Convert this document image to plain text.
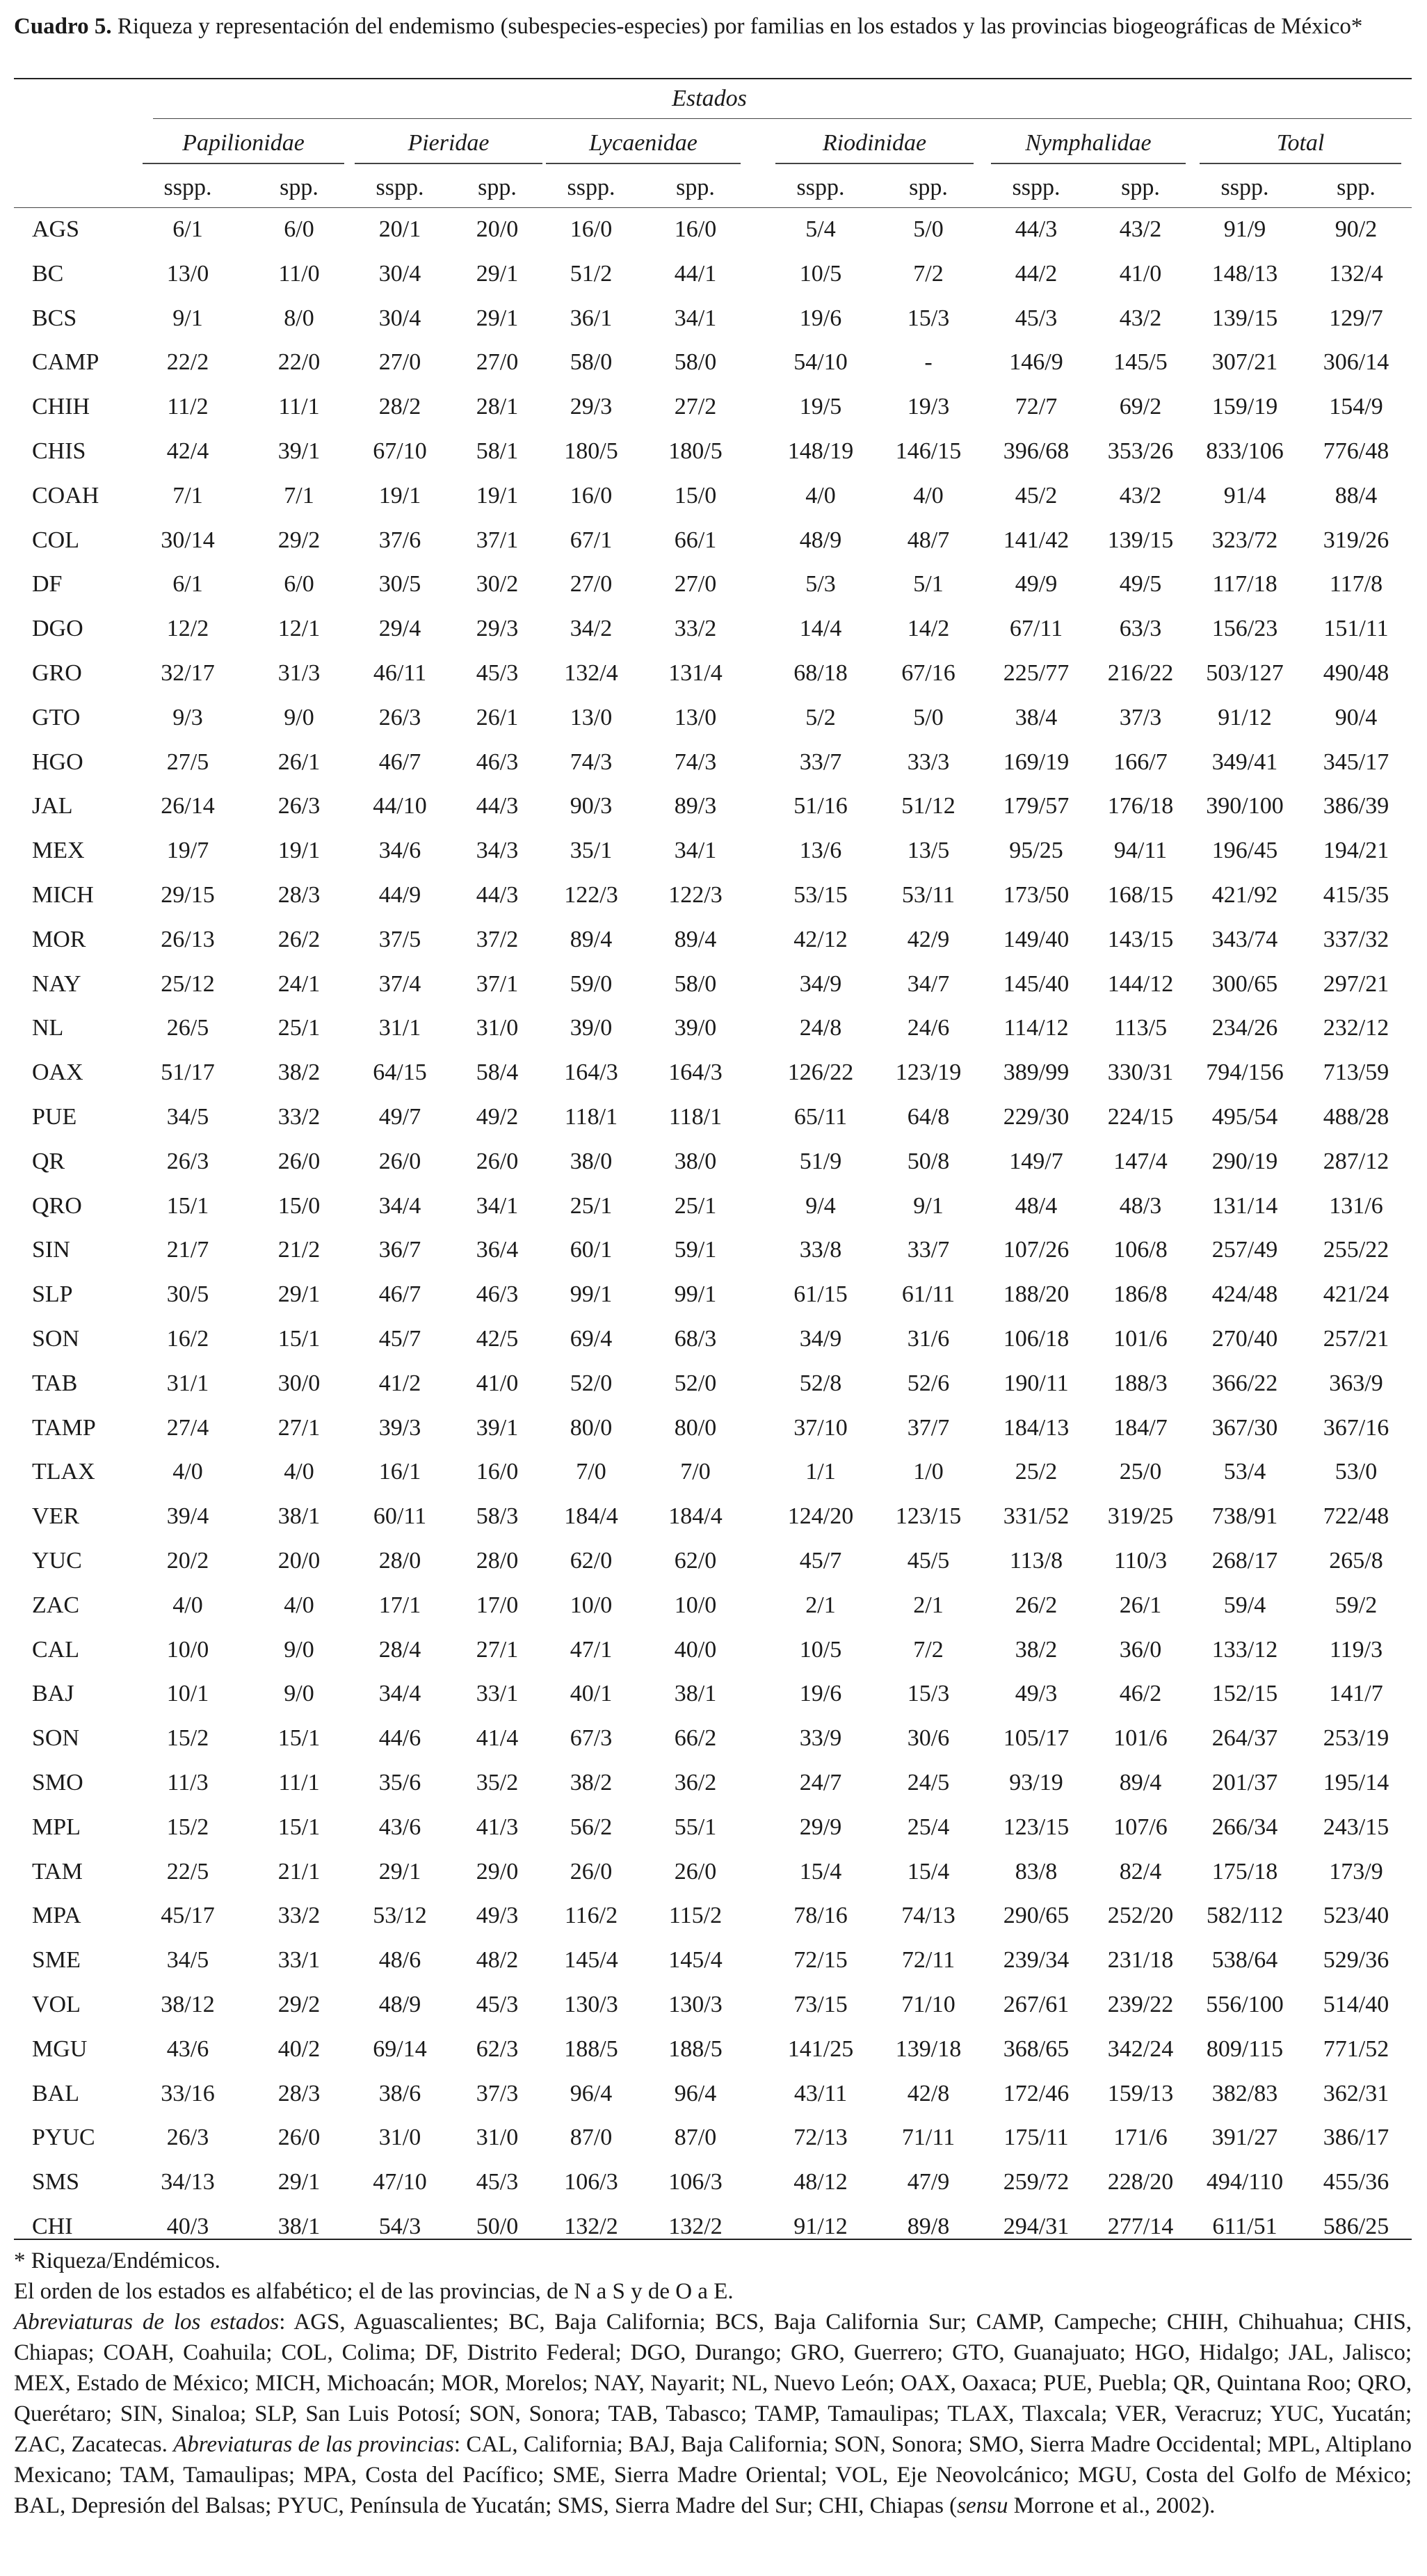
Cuadro 5. Riqueza y representación del endemismo (subespecies-especies) por familias en los estados y las provincias biogeográficas de México*
Estados
Papilionidae	Pieridae	Lycaenidae	Riodinidae	Nymphalidae	Total
sspp.	spp.	sspp.	spp.	sspp.	spp.	sspp.	spp.	sspp.	spp.	sspp.	spp.
AGS	6/1	6/0	20/1	20/0	16/0	16/0	5/4	5/0	44/3	43/2	91/9	90/2
BC	13/0	11/0	30/4	29/1	51/2	44/1	10/5	7/2	44/2	41/0	148/13	132/4
BCS	9/1	8/0	30/4	29/1	36/1	34/1	19/6	15/3	45/3	43/2	139/15	129/7
CAMP	22/2	22/0	27/0	27/0	58/0	58/0	54/10	-	146/9	145/5	307/21	306/14
CHIH	11/2	11/1	28/2	28/1	29/3	27/2	19/5	19/3	72/7	69/2	159/19	154/9
CHIS	42/4	39/1	67/10	58/1	180/5	180/5	148/19	146/15	396/68	353/26	833/106	776/48
COAH	7/1	7/1	19/1	19/1	16/0	15/0	4/0	4/0	45/2	43/2	91/4	88/4
COL	30/14	29/2	37/6	37/1	67/1	66/1	48/9	48/7	141/42	139/15	323/72	319/26
DF	6/1	6/0	30/5	30/2	27/0	27/0	5/3	5/1	49/9	49/5	117/18	117/8
DGO	12/2	12/1	29/4	29/3	34/2	33/2	14/4	14/2	67/11	63/3	156/23	151/11
GRO	32/17	31/3	46/11	45/3	132/4	131/4	68/18	67/16	225/77	216/22	503/127	490/48
GTO	9/3	9/0	26/3	26/1	13/0	13/0	5/2	5/0	38/4	37/3	91/12	90/4
HGO	27/5	26/1	46/7	46/3	74/3	74/3	33/7	33/3	169/19	166/7	349/41	345/17
JAL	26/14	26/3	44/10	44/3	90/3	89/3	51/16	51/12	179/57	176/18	390/100	386/39
MEX	19/7	19/1	34/6	34/3	35/1	34/1	13/6	13/5	95/25	94/11	196/45	194/21
MICH	29/15	28/3	44/9	44/3	122/3	122/3	53/15	53/11	173/50	168/15	421/92	415/35
MOR	26/13	26/2	37/5	37/2	89/4	89/4	42/12	42/9	149/40	143/15	343/74	337/32
NAY	25/12	24/1	37/4	37/1	59/0	58/0	34/9	34/7	145/40	144/12	300/65	297/21
NL	26/5	25/1	31/1	31/0	39/0	39/0	24/8	24/6	114/12	113/5	234/26	232/12
OAX	51/17	38/2	64/15	58/4	164/3	164/3	126/22	123/19	389/99	330/31	794/156	713/59
PUE	34/5	33/2	49/7	49/2	118/1	118/1	65/11	64/8	229/30	224/15	495/54	488/28
QR	26/3	26/0	26/0	26/0	38/0	38/0	51/9	50/8	149/7	147/4	290/19	287/12
QRO	15/1	15/0	34/4	34/1	25/1	25/1	9/4	9/1	48/4	48/3	131/14	131/6
SIN	21/7	21/2	36/7	36/4	60/1	59/1	33/8	33/7	107/26	106/8	257/49	255/22
SLP	30/5	29/1	46/7	46/3	99/1	99/1	61/15	61/11	188/20	186/8	424/48	421/24
SON	16/2	15/1	45/7	42/5	69/4	68/3	34/9	31/6	106/18	101/6	270/40	257/21
TAB	31/1	30/0	41/2	41/0	52/0	52/0	52/8	52/6	190/11	188/3	366/22	363/9
TAMP	27/4	27/1	39/3	39/1	80/0	80/0	37/10	37/7	184/13	184/7	367/30	367/16
TLAX	4/0	4/0	16/1	16/0	7/0	7/0	1/1	1/0	25/2	25/0	53/4	53/0
VER	39/4	38/1	60/11	58/3	184/4	184/4	124/20	123/15	331/52	319/25	738/91	722/48
YUC	20/2	20/0	28/0	28/0	62/0	62/0	45/7	45/5	113/8	110/3	268/17	265/8
ZAC	4/0	4/0	17/1	17/0	10/0	10/0	2/1	2/1	26/2	26/1	59/4	59/2
CAL	10/0	9/0	28/4	27/1	47/1	40/0	10/5	7/2	38/2	36/0	133/12	119/3
BAJ	10/1	9/0	34/4	33/1	40/1	38/1	19/6	15/3	49/3	46/2	152/15	141/7
SON	15/2	15/1	44/6	41/4	67/3	66/2	33/9	30/6	105/17	101/6	264/37	253/19
SMO	11/3	11/1	35/6	35/2	38/2	36/2	24/7	24/5	93/19	89/4	201/37	195/14
MPL	15/2	15/1	43/6	41/3	56/2	55/1	29/9	25/4	123/15	107/6	266/34	243/15
TAM	22/5	21/1	29/1	29/0	26/0	26/0	15/4	15/4	83/8	82/4	175/18	173/9
MPA	45/17	33/2	53/12	49/3	116/2	115/2	78/16	74/13	290/65	252/20	582/112	523/40
SME	34/5	33/1	48/6	48/2	145/4	145/4	72/15	72/11	239/34	231/18	538/64	529/36
VOL	38/12	29/2	48/9	45/3	130/3	130/3	73/15	71/10	267/61	239/22	556/100	514/40
MGU	43/6	40/2	69/14	62/3	188/5	188/5	141/25	139/18	368/65	342/24	809/115	771/52
BAL	33/16	28/3	38/6	37/3	96/4	96/4	43/11	42/8	172/46	159/13	382/83	362/31
PYUC	26/3	26/0	31/0	31/0	87/0	87/0	72/13	71/11	175/11	171/6	391/27	386/17
SMS	34/13	29/1	47/10	45/3	106/3	106/3	48/12	47/9	259/72	228/20	494/110	455/36
CHI	40/3	38/1	54/3	50/0	132/2	132/2	91/12	89/8	294/31	277/14	611/51	586/25

* Riqueza/Endémicos.

El orden de los estados es alfabético; el de las provincias, de N a S y de O a E.

Abreviaturas de los estados: AGS, Aguascalientes; BC, Baja California; BCS, Baja California Sur; CAMP, Campeche; CHIH, Chihuahua; CHIS, Chiapas; COAH, Coahuila; COL, Colima; DF, Distrito Federal; DGO, Durango; GRO, Guerrero; GTO, Guanajuato; HGO, Hidalgo; JAL, Jalisco; MEX, Estado de México; MICH, Michoacán; MOR, Morelos; NAY, Nayarit; NL, Nuevo León; OAX, Oaxaca; PUE, Puebla; QR, Quintana Roo; QRO, Querétaro; SIN, Sinaloa; SLP, San Luis Potosí; SON, Sonora; TAB, Tabasco; TAMP, Tamaulipas; TLAX, Tlaxcala; VER, Veracruz; YUC, Yucatán; ZAC, Zacatecas. Abreviaturas de las provincias: CAL, California; BAJ, Baja California; SON, Sonora; SMO, Sierra Madre Occidental; MPL, Altiplano Mexicano; TAM, Tamaulipas; MPA, Costa del Pacífico; SME, Sierra Madre Oriental; VOL, Eje Neovolcánico; MGU, Costa del Golfo de México; BAL, Depresión del Balsas; PYUC, Península de Yucatán; SMS, Sierra Madre del Sur; CHI, Chiapas (sensu Morrone et al., 2002).
